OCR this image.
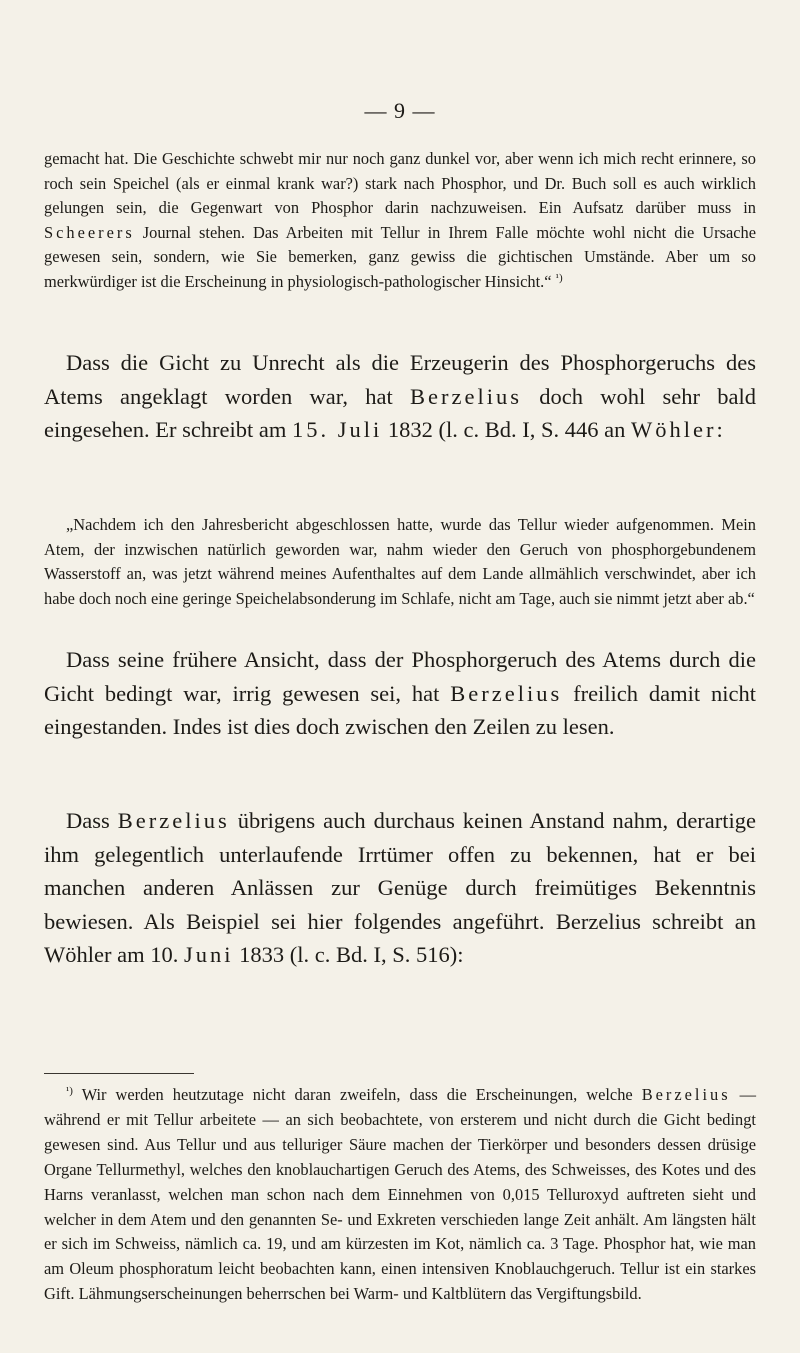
— 9 —

gemacht hat. Die Geschichte schwebt mir nur noch ganz dunkel vor, aber wenn ich mich recht erinnere, so roch sein Speichel (als er einmal krank war?) stark nach Phosphor, und Dr. Buch soll es auch wirklich gelungen sein, die Gegenwart von Phosphor darin nachzuweisen. Ein Aufsatz darüber muss in Scheerers Journal stehen. Das Arbeiten mit Tellur in Ihrem Falle möchte wohl nicht die Ursache gewesen sein, sondern, wie Sie bemerken, ganz gewiss die gichtischen Umstände. Aber um so merkwürdiger ist die Erscheinung in physiologisch-pathologischer Hinsicht.“ $^{^1)}$

Dass die Gicht zu Unrecht als die Erzeugerin des Phosphorgeruchs des Atems angeklagt worden war, hat Berzelius doch wohl sehr bald eingesehen. Er schreibt am 15. Juli 1832 (l. c. Bd. I, S. 446 an Wöhler:

„Nachdem ich den Jahresbericht abgeschlossen hatte, wurde das Tellur wieder aufgenommen. Mein Atem, der inzwischen natürlich geworden war, nahm wieder den Geruch von phosphorgebundenem Wasserstoff an, was jetzt während meines Aufenthaltes auf dem Lande allmählich verschwindet, aber ich habe doch noch eine geringe Speichelabsonderung im Schlafe, nicht am Tage, auch sie nimmt jetzt aber ab.“

Dass seine frühere Ansicht, dass der Phosphorgeruch des Atems durch die Gicht bedingt war, irrig gewesen sei, hat Berzelius freilich damit nicht eingestanden. Indes ist dies doch zwischen den Zeilen zu lesen.

Dass Berzelius übrigens auch durchaus keinen Anstand nahm, derartige ihm gelegentlich unterlaufende Irrtümer offen zu bekennen, hat er bei manchen anderen Anlässen zur Genüge durch freimütiges Bekenntnis bewiesen. Als Beispiel sei hier folgendes angeführt. Berzelius schreibt an Wöhler am 10. Juni 1833 (l. c. Bd. I, S. 516):

$^{^1)}$ Wir werden heutzutage nicht daran zweifeln, dass die Erscheinungen, welche Berzelius — während er mit Tellur arbeitete — an sich beobachtete, von ersterem und nicht durch die Gicht bedingt gewesen sind. Aus Tellur und aus telluriger Säure machen der Tierkörper und besonders dessen drüsige Organe Tellurmethyl, welches den knoblauchartigen Geruch des Atems, des Schweisses, des Kotes und des Harns veranlasst, welchen man schon nach dem Einnehmen von 0,015 Telluroxyd auftreten sieht und welcher in dem Atem und den genannten Se- und Exkreten verschieden lange Zeit anhält. Am längsten hält er sich im Schweiss, nämlich ca. 19, und am kürzesten im Kot, nämlich ca. 3 Tage. Phosphor hat, wie man am Oleum phosphoratum leicht beobachten kann, einen intensiven Knoblauchgeruch. Tellur ist ein starkes Gift. Lähmungserscheinungen beherrschen bei Warm- und Kaltblütern das Vergiftungsbild.
